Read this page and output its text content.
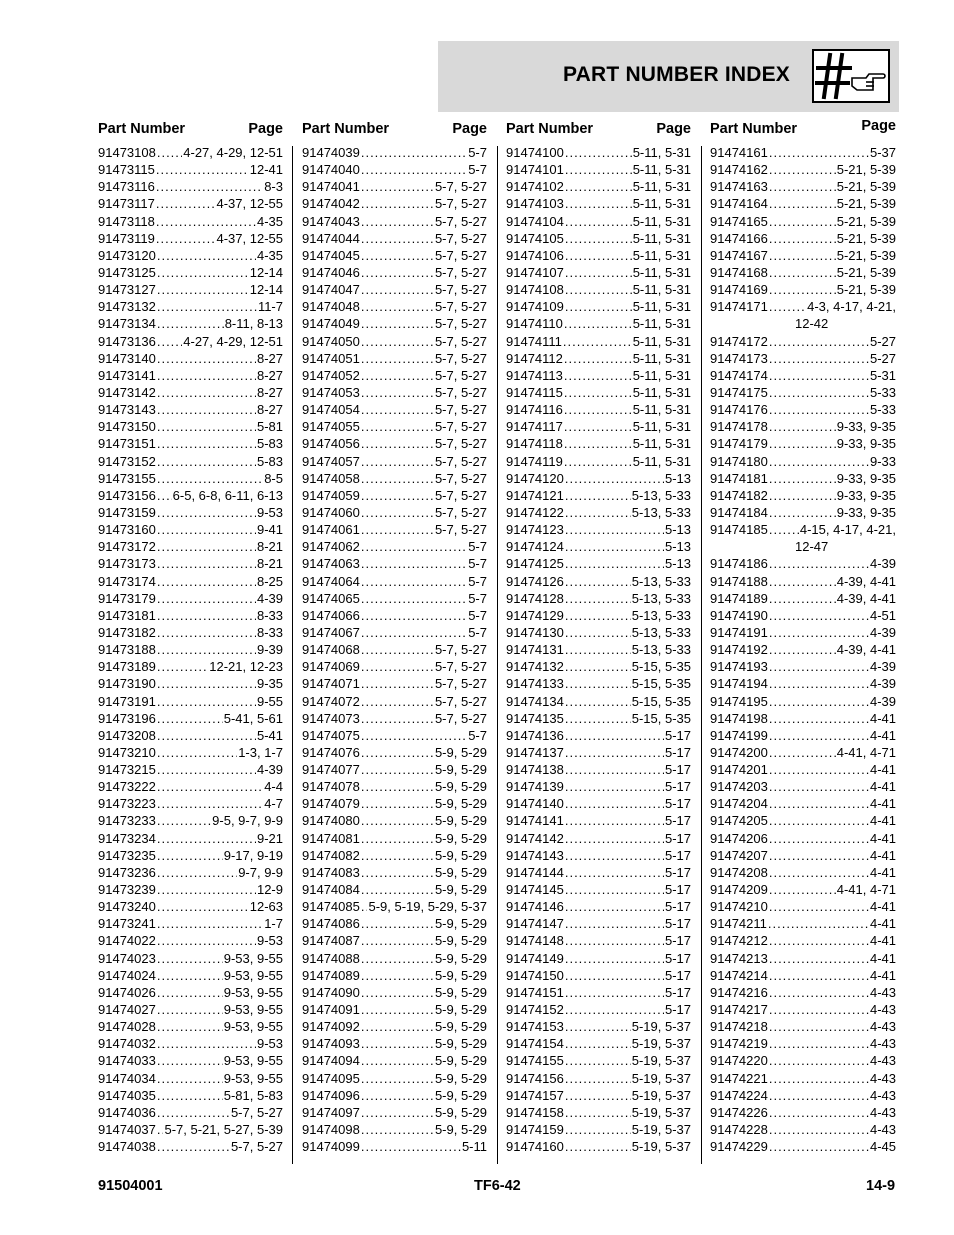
PART NUMBER INDEX
Part Number	Page
91473108 ..... 4-27, 4-29, 12-51
91473115 .....	12-41
91473116 .....	8-3
91473117 .....	4-37, 12-55
91473118 .....	4-35
91473119 .....	4-37, 12-55
91473120 .....	4-35
91473125 .....	12-14
91473127 .....	12-14
91473132 .....	11-7
91473134 .....	8-11, 8-13
91473136 ..... 4-27, 4-29, 12-51
91473140 .....	8-27
91473141 .....	8-27
91473142 .....	8-27
91473143 .....	8-27
91473150 .....	5-81
91473151 .....	5-83
91473152 .....	5-83
91473155 .....	8-5
91473156 ..... 6-5, 6-8, 6-11, 6-13
91473159 .....	9-53
91473160 .....	9-41
91473172 .....	8-21
91473173 .....	8-21
91473174 .....	8-25
91473179 .....	4-39
91473181 .....	8-33
91473182 .....	8-33
91473188 .....	9-39
91473189 .....	12-21, 12-23
91473190 .....	9-35
91473191 .....	9-55
91473196 .....	5-41, 5-61
91473208 .....	5-41
91473210 .....	1-3, 1-7
91473215 .....	4-39
91473222 .....	4-4
91473223 .....	4-7
91473233 .....	9-5, 9-7, 9-9
91473234 .....	9-21
91473235 .....	9-17, 9-19
91473236 .....	9-7, 9-9
91473239 .....	12-9
91473240 .....	12-63
91473241 .....	1-7
91474022 .....	9-53
91474023 .....	9-53, 9-55
91474024 .....	9-53, 9-55
91474026 .....	9-53, 9-55
91474027 .....	9-53, 9-55
91474028 .....	9-53, 9-55
91474032 .....	9-53
91474033 .....	9-53, 9-55
91474034 .....	9-53, 9-55
91474035 .....	5-81, 5-83
91474036 .....	5-7, 5-27
91474037 ..... 5-7, 5-21, 5-27, 5-39
91474038 .....	5-7, 5-27
Part Number	Page
91474039 .....	5-7
91474040 .....	5-7
91474041 .....	5-7, 5-27
91474042 .....	5-7, 5-27
91474043 .....	5-7, 5-27
91474044 .....	5-7, 5-27
91474045 .....	5-7, 5-27
91474046 .....	5-7, 5-27
91474047 .....	5-7, 5-27
91474048 .....	5-7, 5-27
91474049 .....	5-7, 5-27
91474050 .....	5-7, 5-27
91474051 .....	5-7, 5-27
91474052 .....	5-7, 5-27
91474053 .....	5-7, 5-27
91474054 .....	5-7, 5-27
91474055 .....	5-7, 5-27
91474056 .....	5-7, 5-27
91474057 .....	5-7, 5-27
91474058 .....	5-7, 5-27
91474059 .....	5-7, 5-27
91474060 .....	5-7, 5-27
91474061 .....	5-7, 5-27
91474062 .....	5-7
91474063 .....	5-7
91474064 .....	5-7
91474065 .....	5-7
91474066 .....	5-7
91474067 .....	5-7
91474068 .....	5-7, 5-27
91474069 .....	5-7, 5-27
91474071 .....	5-7, 5-27
91474072 .....	5-7, 5-27
91474073 .....	5-7, 5-27
91474075 .....	5-7
91474076 .....	5-9, 5-29
91474077 .....	5-9, 5-29
91474078 .....	5-9, 5-29
91474079 .....	5-9, 5-29
91474080 .....	5-9, 5-29
91474081 .....	5-9, 5-29
91474082 .....	5-9, 5-29
91474083 .....	5-9, 5-29
91474084 .....	5-9, 5-29
91474085 ..... 5-9, 5-19, 5-29, 5-37
91474086 .....	5-9, 5-29
91474087 .....	5-9, 5-29
91474088 .....	5-9, 5-29
91474089 .....	5-9, 5-29
91474090 .....	5-9, 5-29
91474091 .....	5-9, 5-29
91474092 .....	5-9, 5-29
91474093 .....	5-9, 5-29
91474094 .....	5-9, 5-29
91474095 .....	5-9, 5-29
91474096 .....	5-9, 5-29
91474097 .....	5-9, 5-29
91474098 .....	5-9, 5-29
91474099 .....	5-11
Part Number	Page
91474100 .....	5-11, 5-31
91474101 .....	5-11, 5-31
91474102 .....	5-11, 5-31
91474103 .....	5-11, 5-31
91474104 .....	5-11, 5-31
91474105 .....	5-11, 5-31
91474106 .....	5-11, 5-31
91474107 .....	5-11, 5-31
91474108 .....	5-11, 5-31
91474109 .....	5-11, 5-31
91474110 .....	5-11, 5-31
91474111 .....	5-11, 5-31
91474112 .....	5-11, 5-31
91474113 .....	5-11, 5-31
91474115 .....	5-11, 5-31
91474116 .....	5-11, 5-31
91474117 .....	5-11, 5-31
91474118 .....	5-11, 5-31
91474119 .....	5-11, 5-31
91474120 .....	5-13
91474121 .....	5-13, 5-33
91474122 .....	5-13, 5-33
91474123 .....	5-13
91474124 .....	5-13
91474125 .....	5-13
91474126 .....	5-13, 5-33
91474128 .....	5-13, 5-33
91474129 .....	5-13, 5-33
91474130 .....	5-13, 5-33
91474131 .....	5-13, 5-33
91474132 .....	5-15, 5-35
91474133 .....	5-15, 5-35
91474134 .....	5-15, 5-35
91474135 .....	5-15, 5-35
91474136 .....	5-17
91474137 .....	5-17
91474138 .....	5-17
91474139 .....	5-17
91474140 .....	5-17
91474141 .....	5-17
91474142 .....	5-17
91474143 .....	5-17
91474144 .....	5-17
91474145 .....	5-17
91474146 .....	5-17
91474147 .....	5-17
91474148 .....	5-17
91474149 .....	5-17
91474150 .....	5-17
91474151 .....	5-17
91474152 .....	5-17
91474153 .....	5-19, 5-37
91474154 .....	5-19, 5-37
91474155 .....	5-19, 5-37
91474156 .....	5-19, 5-37
91474157 .....	5-19, 5-37
91474158 .....	5-19, 5-37
91474159 .....	5-19, 5-37
91474160 .....	5-19, 5-37
Part Number	Page
91474161 .....	5-37
91474162 .....	5-21, 5-39
91474163 .....	5-21, 5-39
91474164 .....	5-21, 5-39
91474165 .....	5-21, 5-39
91474166 .....	5-21, 5-39
91474167 .....	5-21, 5-39
91474168 .....	5-21, 5-39
91474169 .....	5-21, 5-39
91474171 .....	4-3, 4-17, 4-21,
12-42
91474172 .....	5-27
91474173 .....	5-27
91474174 .....	5-31
91474175 .....	5-33
91474176 .....	5-33
91474178 .....	9-33, 9-35
91474179 .....	9-33, 9-35
91474180 .....	9-33
91474181 .....	9-33, 9-35
91474182 .....	9-33, 9-35
91474184 .....	9-33, 9-35
91474185 ..... 4-15, 4-17, 4-21,
12-47
91474186 .....	4-39
91474188 .....	4-39, 4-41
91474189 .....	4-39, 4-41
91474190 .....	4-51
91474191 .....	4-39
91474192 .....	4-39, 4-41
91474193 .....	4-39
91474194 .....	4-39
91474195 .....	4-39
91474198 .....	4-41
91474199 .....	4-41
91474200 .....	4-41, 4-71
91474201 .....	4-41
91474203 .....	4-41
91474204 .....	4-41
91474205 .....	4-41
91474206 .....	4-41
91474207 .....	4-41
91474208 .....	4-41
91474209 .....	4-41, 4-71
91474210 .....	4-41
91474211 .....	4-41
91474212 .....	4-41
91474213 .....	4-41
91474214 .....	4-41
91474216 .....	4-43
91474217 .....	4-43
91474218 .....	4-43
91474219 .....	4-43
91474220 .....	4-43
91474221 .....	4-43
91474224 .....	4-43
91474226 .....	4-43
91474228 .....	4-43
91474229 .....	4-45
91504001	TF6-42	14-9
